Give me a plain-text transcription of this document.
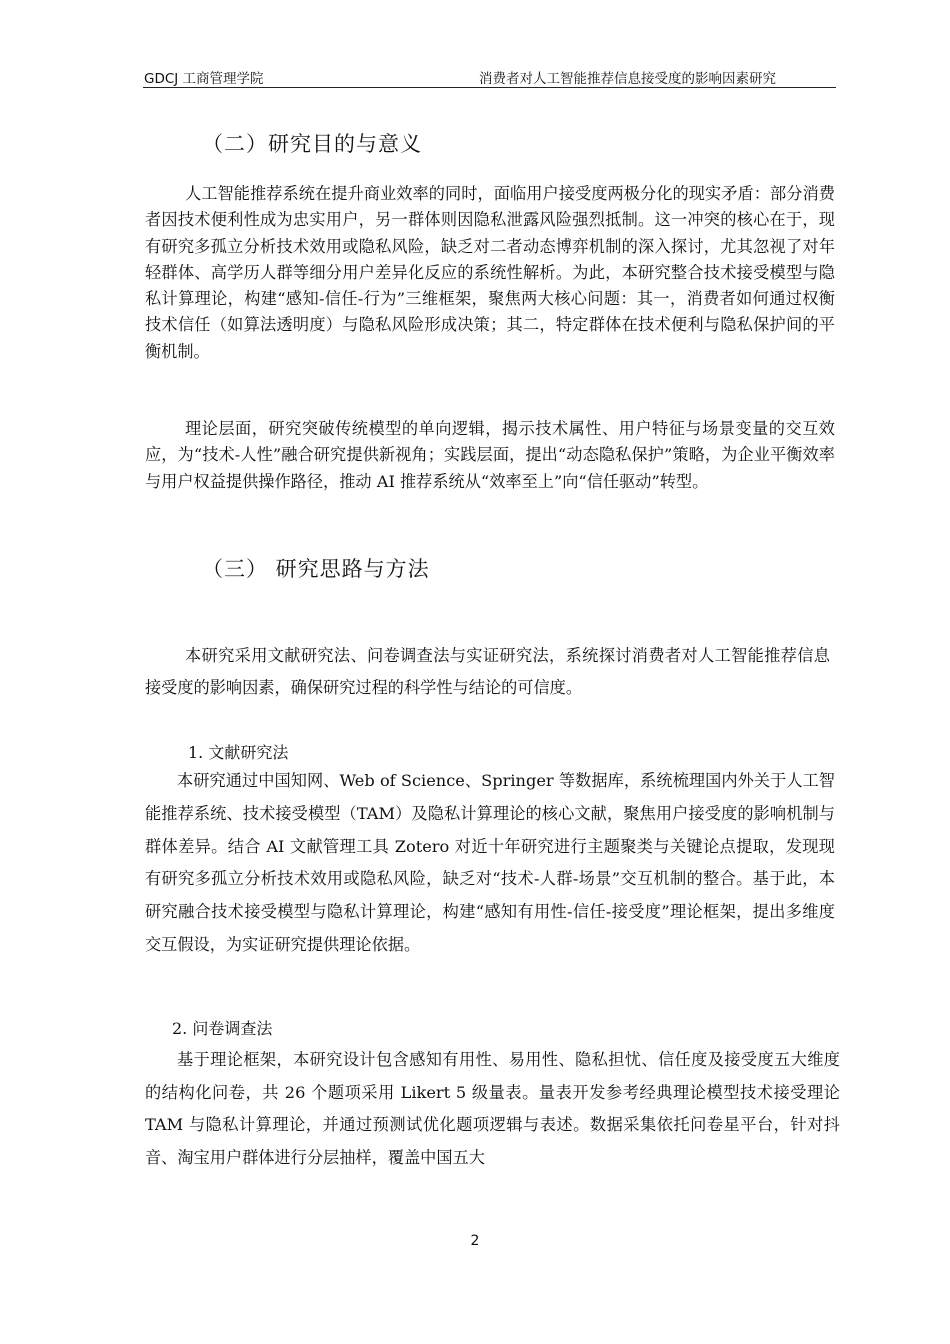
GDCJ 工商管理学院	消费者对人工智能推荐信息接受度的影响因素研究
（二）研究目的与意义

人工智能推荐系统在提升商业效率的同时，面临用户接受度两极分化的现实矛盾：部分消费者因技术便利性成为忠实用户，另一群体则因隐私泄露风险强烈抵制。这一冲突的核心在于，现有研究多孤立分析技术效用或隐私风险，缺乏对二者动态博弈机制的深入探讨，尤其忽视了对年轻群体、高学历人群等细分用户差异化反应的系统性解析。为此，本研究整合技术接受模型与隐私计算理论，构建“感知-信任-行为”三维框架，聚焦两大核心问题：其一，消费者如何通过权衡技术信任（如算法透明度）与隐私风险形成决策；其二，特定群体在技术便利与隐私保护间的平衡机制。

理论层面，研究突破传统模型的单向逻辑，揭示技术属性、用户特征与场景变量的交互效应，为“技术-人性”融合研究提供新视角；实践层面，提出“动态隐私保护”策略，为企业平衡效率与用户权益提供操作路径，推动 AI 推荐系统从“效率至上”向“信任驱动”转型。

（三） 研究思路与方法

本研究采用文献研究法、问卷调查法与实证研究法，系统探讨消费者对人工智能推荐信息接受度的影响因素，确保研究过程的科学性与结论的可信度。

1. 文献研究法

本研究通过中国知网、Web of Science、Springer 等数据库，系统梳理国内外关于人工智能推荐系统、技术接受模型（TAM）及隐私计算理论的核心文献，聚焦用户接受度的影响机制与群体差异。结合 AI 文献管理工具 Zotero 对近十年研究进行主题聚类与关键论点提取，发现现有研究多孤立分析技术效用或隐私风险，缺乏对“技术-人群-场景”交互机制的整合。基于此，本研究融合技术接受模型与隐私计算理论，构建“感知有用性-信任-接受度”理论框架，提出多维度交互假设，为实证研究提供理论依据。

2. 问卷调查法

基于理论框架，本研究设计包含感知有用性、易用性、隐私担忧、信任度及接受度五大维度的结构化问卷，共 26 个题项采用 Likert 5 级量表。量表开发参考经典理论模型技术接受理论 TAM 与隐私计算理论，并通过预测试优化题项逻辑与表述。数据采集依托问卷星平台，针对抖音、淘宝用户群体进行分层抽样，覆盖中国五大

2
